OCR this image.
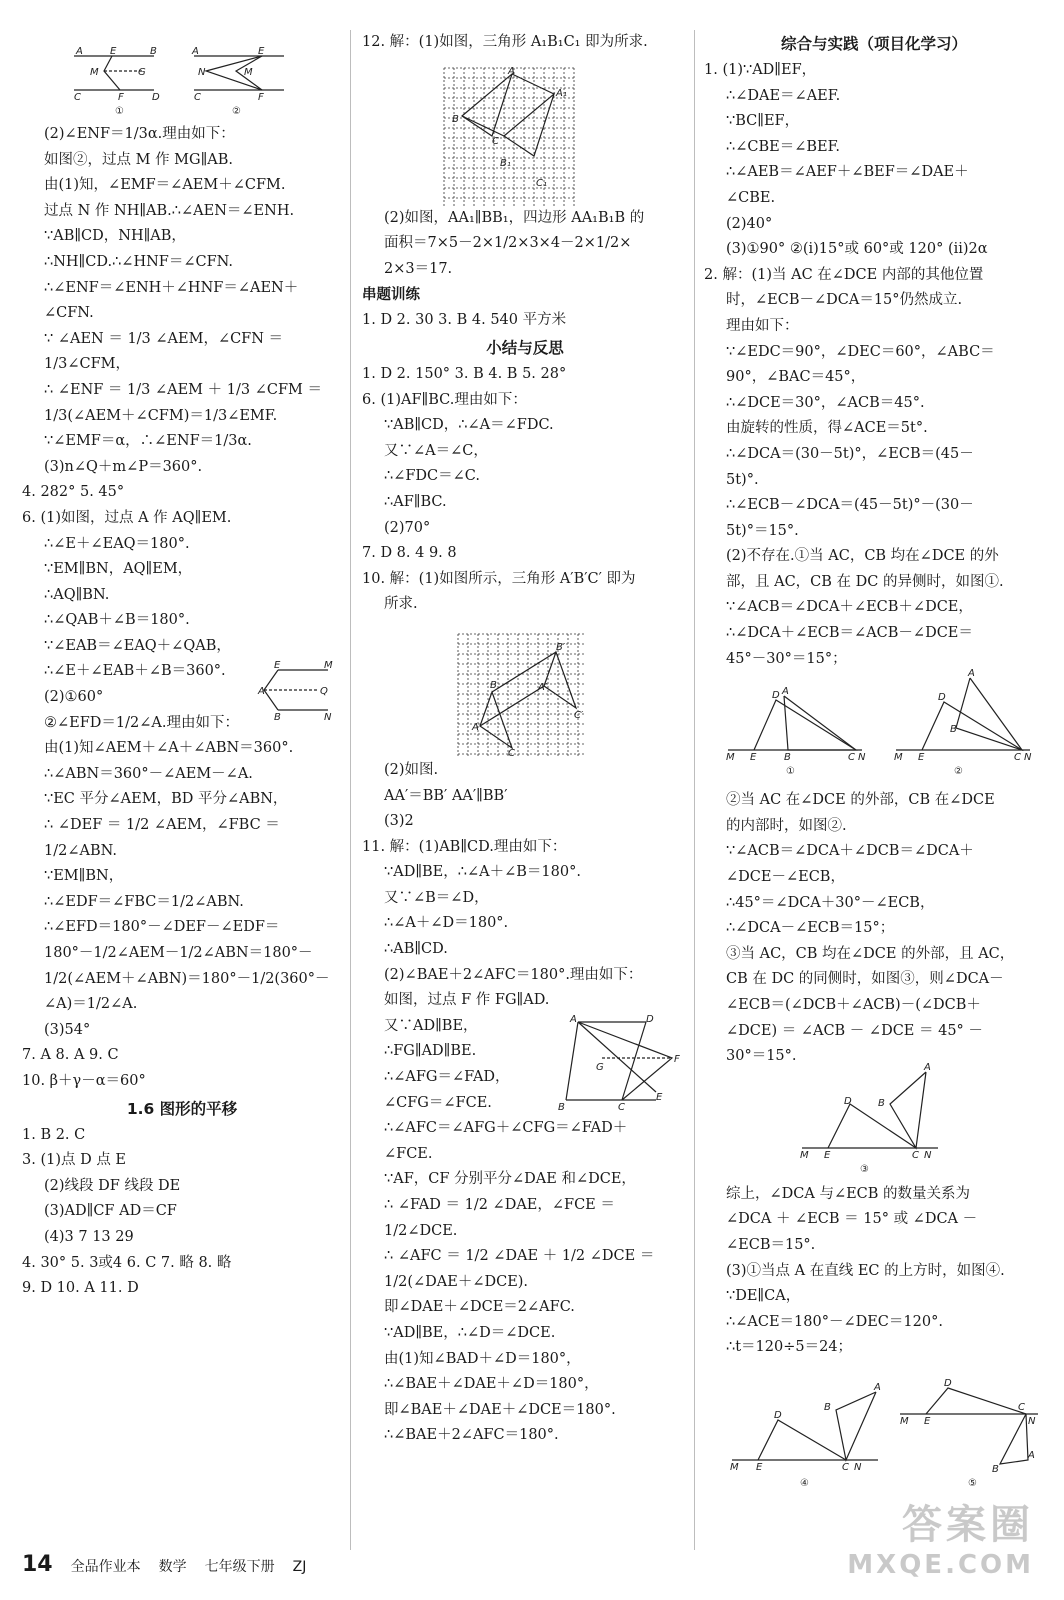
A	E	B
M	G
C	F	D
①
A	E
M
N
C	F
②
(2)∠ENF＝1/3α.理由如下：
如图②，过点 M 作 MG∥AB.
由(1)知，∠EMF＝∠AEM＋∠CFM.
过点 N 作 NH∥AB.∴∠AEN＝∠ENH.
∵AB∥CD，NH∥AB，
∴NH∥CD.∴∠HNF＝∠CFN.
∴∠ENF＝∠ENH＋∠HNF＝∠AEN＋
∠CFN.
∵ ∠AEN ＝ 1/3 ∠AEM，∠CFN ＝
1/3∠CFM，
∴ ∠ENF ＝ 1/3 ∠AEM ＋ 1/3 ∠CFM ＝
1/3(∠AEM＋∠CFM)＝1/3∠EMF.
∵∠EMF＝α，∴∠ENF＝1/3α.
(3)n∠Q＋m∠P＝360°.
4. 282° 5. 45°
6. (1)如图，过点 A 作 AQ∥EM.
∴∠E＋∠EAQ＝180°.
∵EM∥BN，AQ∥EM，
∴AQ∥BN.
∴∠QAB＋∠B＝180°.
∵∠EAB＝∠EAQ＋∠QAB，
∴∠E＋∠EAB＋∠B＝360°.
(2)①60°
②∠EFD＝1/2∠A.理由如下：
由(1)知∠AEM＋∠A＋∠ABN＝360°.
∴∠ABN＝360°－∠AEM－∠A.
∵EC 平分∠AEM，BD 平分∠ABN，
∴ ∠DEF ＝ 1/2 ∠AEM，∠FBC ＝
1/2∠ABN.
∵EM∥BN，
∴∠EDF＝∠FBC＝1/2∠ABN.
∴∠EFD＝180°－∠DEF－∠EDF＝
180°－1/2∠AEM－1/2∠ABN＝180°－
1/2(∠AEM＋∠ABN)＝180°－1/2(360°－
∠A)＝1/2∠A.
(3)54°
7. A 8. A 9. C
10. β＋γ－α＝60°
1.6 图形的平移
1. B 2. C
3. (1)点 D 点 E
(2)线段 DF 线段 DE
(3)AD∥CF AD＝CF
(4)3 7 13 29
4. 30° 5. 3或4 6. C 7. 略 8. 略
9. D 10. A 11. D
E	M
A	Q
B	N
12. 解：(1)如图，三角形 A₁B₁C₁ 即为所求.
(2)如图，AA₁∥BB₁，四边形 AA₁B₁B 的
面积＝7×5－2×1/2×3×4－2×1/2×
2×3＝17.
串题训练
1. D 2. 30 3. B 4. 540 平方米
小结与反思
1. D 2. 150° 3. B 4. B 5. 28°
6. (1)AF∥BC.理由如下：
∵AB∥CD，∴∠A＝∠FDC.
又∵∠A＝∠C，
∴∠FDC＝∠C.
∴AF∥BC.
(2)70°
7. D 8. 4 9. 8
10. 解：(1)如图所示，三角形 A′B′C′ 即为
所求.
(2)如图.
AA′＝BB′ AA′∥BB′
(3)2
11. 解：(1)AB∥CD.理由如下：
∵AD∥BE，∴∠A＋∠B＝180°.
又∵∠B＝∠D，
∴∠A＋∠D＝180°.
∴AB∥CD.
(2)∠BAE＋2∠AFC＝180°.理由如下：
如图，过点 F 作 FG∥AD.
又∵AD∥BE，
∴FG∥AD∥BE.
∴∠AFG＝∠FAD，
∠CFG＝∠FCE.
∴∠AFC＝∠AFG＋∠CFG＝∠FAD＋
∠FCE.
∵AF，CF 分别平分∠DAE 和∠DCE，
∴ ∠FAD ＝ 1/2 ∠DAE，∠FCE ＝
1/2∠DCE.
∴ ∠AFC ＝ 1/2 ∠DAE ＋ 1/2 ∠DCE ＝
1/2(∠DAE＋∠DCE).
即∠DAE＋∠DCE＝2∠AFC.
∵AD∥BE，∴∠D＝∠DCE.
由(1)知∠BAD＋∠D＝180°，
∴∠BAE＋∠DAE＋∠D＝180°，
即∠BAE＋∠DAE＋∠DCE＝180°.
∴∠BAE＋2∠AFC＝180°.
综合与实践（项目化学习）
1. (1)∵AD∥EF，
∴∠DAE＝∠AEF.
∵BC∥EF，
∴∠CBE＝∠BEF.
∴∠AEB＝∠AEF＋∠BEF＝∠DAE＋
∠CBE.
(2)40°
(3)①90° ②(i)15°或 60°或 120° (ii)2α
2. 解：(1)当 AC 在∠DCE 内部的其他位置
时，∠ECB－∠DCA＝15°仍然成立.
理由如下：
∵∠EDC＝90°，∠DEC＝60°，∠ABC＝
90°，∠BAC＝45°，
∴∠DCE＝30°，∠ACB＝45°.
由旋转的性质，得∠ACE＝5t°.
∴∠DCA＝(30－5t)°，∠ECB＝(45－
5t)°.
∴∠ECB－∠DCA＝(45－5t)°－(30－
5t)°＝15°.
(2)不存在.①当 AC，CB 均在∠DCE 的外
部，且 AC，CB 在 DC 的异侧时，如图①.
∵∠ACB＝∠DCA＋∠ECB＋∠DCE，
∴∠DCA＋∠ECB＝∠ACB－∠DCE＝
45°－30°＝15°；
②当 AC 在∠DCE 的外部，CB 在∠DCE
的内部时，如图②.
∵∠ACB＝∠DCA＋∠DCB＝∠DCA＋
∠DCE－∠ECB，
∴45°＝∠DCA＋30°－∠ECB，
∴∠DCA－∠ECB＝15°；
③当 AC，CB 均在∠DCE 的外部，且 AC，
CB 在 DC 的同侧时，如图③，则∠DCA－
∠ECB＝(∠DCB＋∠ACB)－(∠DCB＋
∠DCE) ＝ ∠ACB － ∠DCE ＝ 45° －
30°＝15°.
综上，∠DCA 与∠ECB 的数量关系为
∠DCA ＋ ∠ECB ＝ 15° 或 ∠DCA －
∠ECB＝15°.
(3)①当点 A 在直线 EC 的上方时，如图④.
∵DE∥CA，
∴∠ACE＝180°－∠DEC＝120°.
∴t＝120÷5＝24；
B
A
C
A₁
B₁
C₁
A
B
C
A′
B′
C′
A	D
G
F
B	C
E
M E
D A
B	C N
①
M E
D
A
B
C N
②
M E
D	B
A
C N
③
M E
D
B
A
C N
④
M E
D
C
N
B
A
⑤
14 全品作业本 数学 七年级下册 ZJ
答案圈
MXQE.COM
